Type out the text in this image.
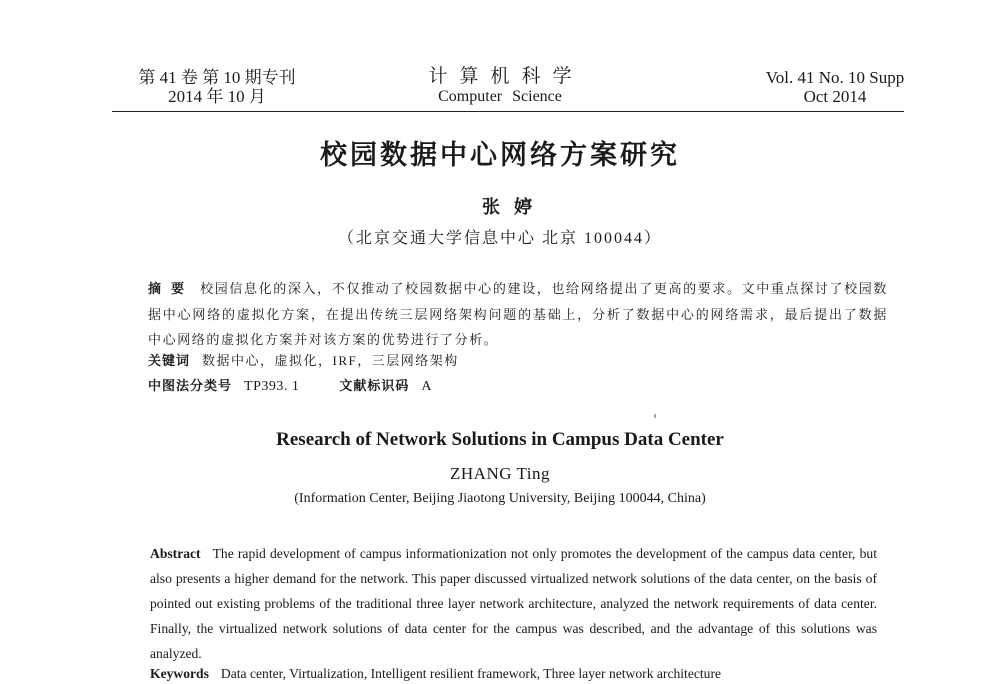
第 41 卷 第 10 期专刊
2014 年 10 月
计算机科学
Computer Science
Vol. 41 No. 10 Supp
Oct 2014
校园数据中心网络方案研究
张婷
（北京交通大学信息中心 北京 100044）
摘要 校园信息化的深入，不仅推动了校园数据中心的建设，也给网络提出了更高的要求。文中重点探讨了校园数据中心网络的虚拟化方案，在提出传统三层网络架构问题的基础上，分析了数据中心的网络需求，最后提出了数据中心网络的虚拟化方案并对该方案的优势进行了分析。
关键词 数据中心，虚拟化，IRF，三层网络架构
中图法分类号 TP393. 1	文献标识码 A
Research of Network Solutions in Campus Data Center
ZHANG Ting
(Information Center, Beijing Jiaotong University, Beijing 100044, China)
Abstract The rapid development of campus informationization not only promotes the development of the campus data center, but also presents a higher demand for the network. This paper discussed virtualized network solutions of the data center, on the basis of pointed out existing problems of the traditional three layer network architecture, analyzed the network requirements of data center. Finally, the virtualized network solutions of data center for the campus was described, and the advantage of this solutions was analyzed.
Keywords Data center, Virtualization, Intelligent resilient framework, Three layer network architecture
